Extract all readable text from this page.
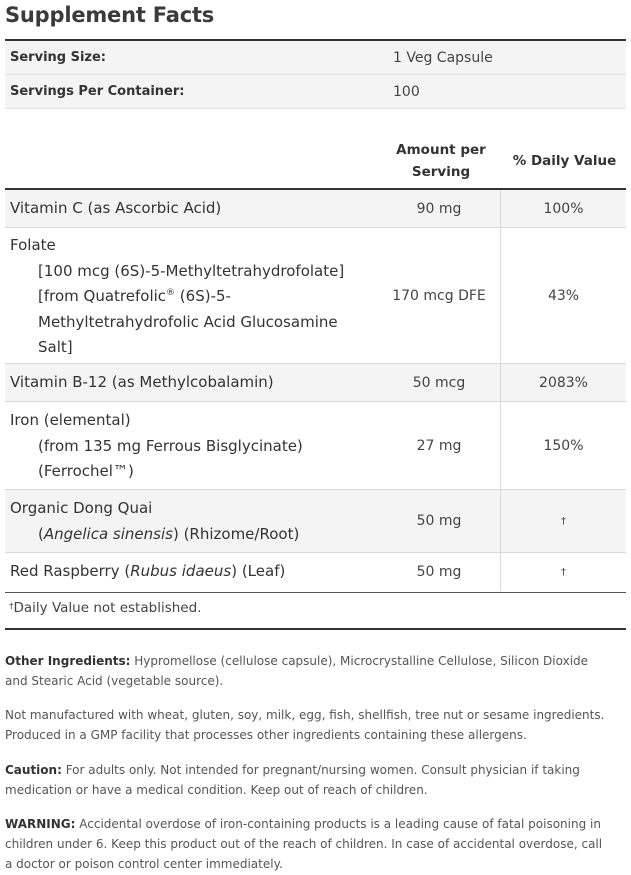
Supplement Facts
Serving Size:	1 Veg Capsule
Servings Per Container:	100
Amount per
Serving
% Daily Value
Vitamin C (as Ascorbic Acid)	90 mg	100%
Folate
[100 mcg (6S)-5-Methyltetrahydrofolate]
[from Quatrefolic® (6S)-5-
Methyltetrahydrofolic Acid Glucosamine
Salt]
170 mcg DFE	43%
Vitamin B-12 (as Methylcobalamin)	50 mcg	2083%
Iron (elemental)
(from 135 mg Ferrous Bisglycinate)
(Ferrochel™)
27 mg	150%
Organic Dong Quai
(Angelica sinensis) (Rhizome/Root)
50 mg	†
Red Raspberry (Rubus idaeus) (Leaf)	50 mg	†
†Daily Value not established.
Other Ingredients: Hypromellose (cellulose capsule), Microcrystalline Cellulose, Silicon Dioxide and Stearic Acid (vegetable source).
Not manufactured with wheat, gluten, soy, milk, egg, fish, shellfish, tree nut or sesame ingredients. Produced in a GMP facility that processes other ingredients containing these allergens.
Caution: For adults only. Not intended for pregnant/nursing women. Consult physician if taking medication or have a medical condition. Keep out of reach of children.
WARNING: Accidental overdose of iron-containing products is a leading cause of fatal poisoning in children under 6. Keep this product out of the reach of children. In case of accidental overdose, call a doctor or poison control center immediately.
